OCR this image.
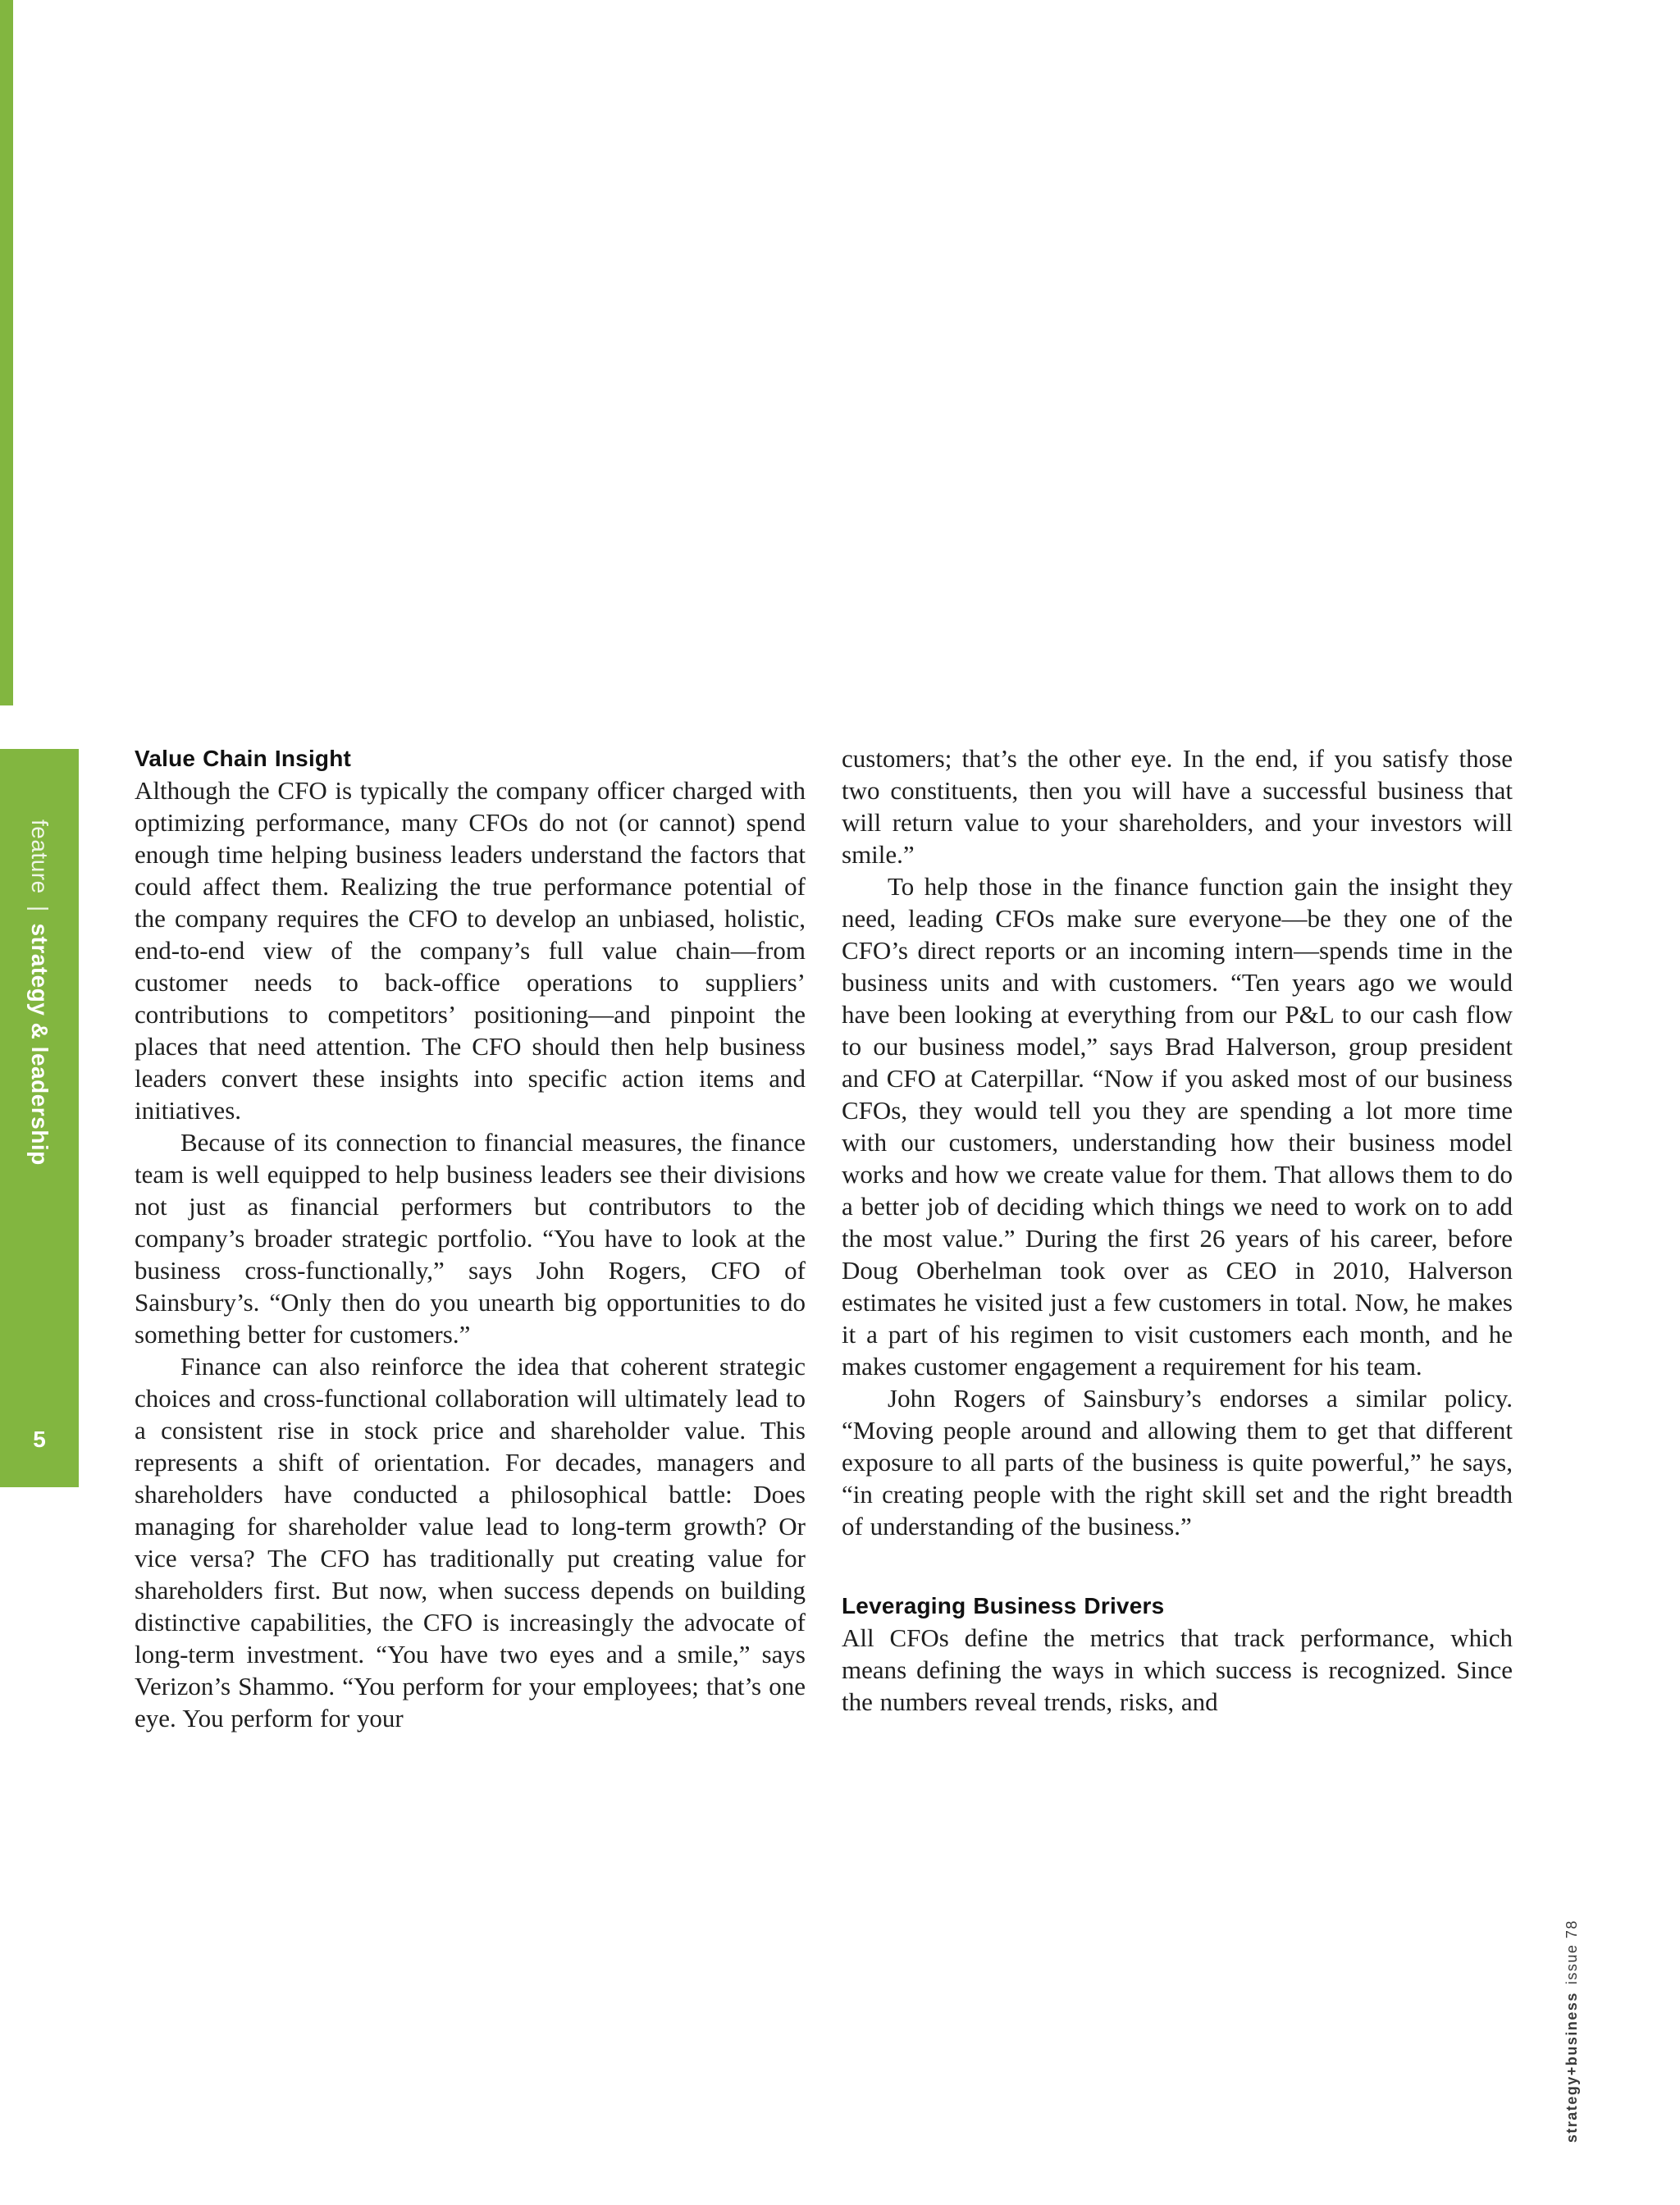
feature|strategy & leadership
5
Value Chain Insight

Although the CFO is typically the company officer charged with optimizing performance, many CFOs do not (or cannot) spend enough time helping business leaders understand the factors that could affect them. Realizing the true performance potential of the company requires the CFO to develop an unbiased, holistic, end-to-end view of the company’s full value chain—from customer needs to back-office operations to suppliers’ contributions to competitors’ positioning—and pinpoint the places that need attention. The CFO should then help business leaders convert these insights into specific action items and initiatives.

Because of its connection to financial measures, the finance team is well equipped to help business leaders see their divisions not just as financial performers but contributors to the company’s broader strategic portfolio. “You have to look at the business cross-functionally,” says John Rogers, CFO of Sainsbury’s. “Only then do you unearth big opportunities to do something better for customers.”

Finance can also reinforce the idea that coherent strategic choices and cross-functional collaboration will ultimately lead to a consistent rise in stock price and shareholder value. This represents a shift of orientation. For decades, managers and shareholders have conducted a philosophical battle: Does managing for shareholder value lead to long-term growth? Or vice versa? The CFO has traditionally put creating value for shareholders first. But now, when success depends on building distinctive capabilities, the CFO is increasingly the advocate of long-term investment. “You have two eyes and a smile,” says Verizon’s Shammo. “You perform for your employees; that’s one eye. You perform for your

customers; that’s the other eye. In the end, if you satisfy those two constituents, then you will have a successful business that will return value to your shareholders, and your investors will smile.”

To help those in the finance function gain the insight they need, leading CFOs make sure everyone—be they one of the CFO’s direct reports or an incoming intern—spends time in the business units and with customers. “Ten years ago we would have been looking at everything from our P&L to our cash flow to our business model,” says Brad Halverson, group president and CFO at Caterpillar. “Now if you asked most of our business CFOs, they would tell you they are spending a lot more time with our customers, understanding how their business model works and how we create value for them. That allows them to do a better job of deciding which things we need to work on to add the most value.” During the first 26 years of his career, before Doug Oberhelman took over as CEO in 2010, Halverson estimates he visited just a few customers in total. Now, he makes it a part of his regimen to visit customers each month, and he makes customer engagement a requirement for his team.

John Rogers of Sainsbury’s endorses a similar policy. “Moving people around and allowing them to get that different exposure to all parts of the business is quite powerful,” he says, “in creating people with the right skill set and the right breadth of understanding of the business.”

Leveraging Business Drivers

All CFOs define the metrics that track performance, which means defining the ways in which success is recognized. Since the numbers reveal trends, risks, and

strategy+businessissue 78
